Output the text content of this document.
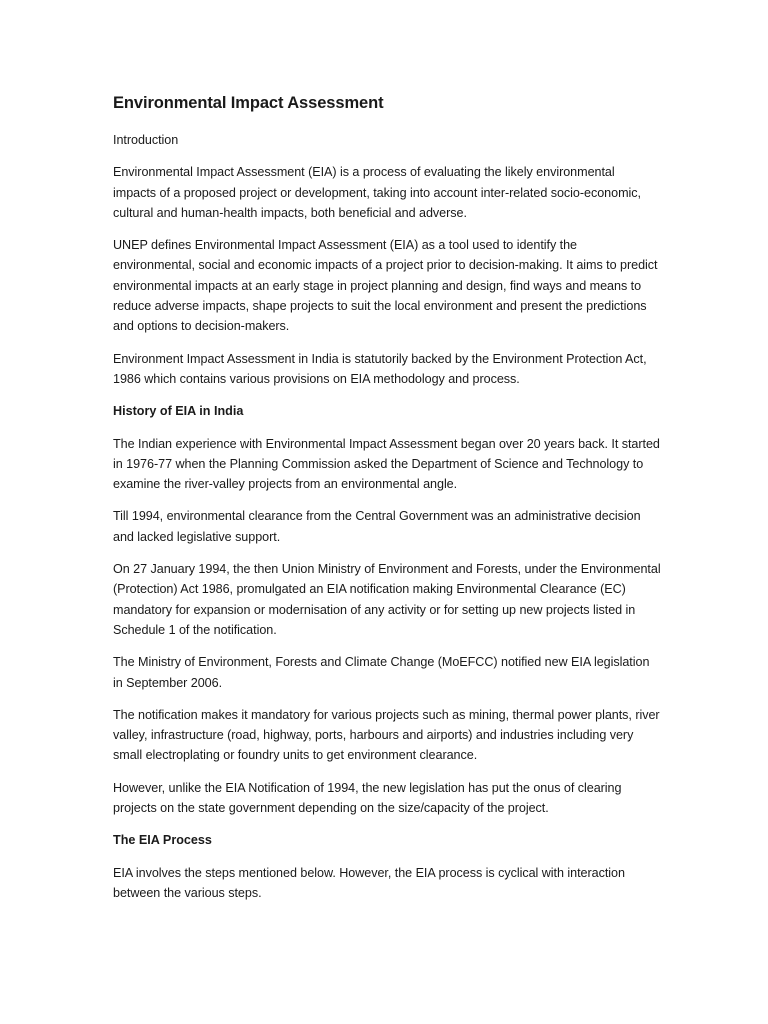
Environmental Impact Assessment

Introduction

Environmental Impact Assessment (EIA) is a process of evaluating the likely environmental impacts of a proposed project or development, taking into account inter-related socio-economic, cultural and human-health impacts, both beneficial and adverse.

UNEP defines Environmental Impact Assessment (EIA) as a tool used to identify the environmental, social and economic impacts of a project prior to decision-making. It aims to predict environmental impacts at an early stage in project planning and design, find ways and means to reduce adverse impacts, shape projects to suit the local environment and present the predictions and options to decision-makers.

Environment Impact Assessment in India is statutorily backed by the Environment Protection Act, 1986 which contains various provisions on EIA methodology and process.

History of EIA in India

The Indian experience with Environmental Impact Assessment began over 20 years back. It started in 1976-77 when the Planning Commission asked the Department of Science and Technology to examine the river-valley projects from an environmental angle.

Till 1994, environmental clearance from the Central Government was an administrative decision and lacked legislative support.

On 27 January 1994, the then Union Ministry of Environment and Forests, under the Environmental (Protection) Act 1986, promulgated an EIA notification making Environmental Clearance (EC) mandatory for expansion or modernisation of any activity or for setting up new projects listed in Schedule 1 of the notification.

The Ministry of Environment, Forests and Climate Change (MoEFCC) notified new EIA legislation in September 2006.

The notification makes it mandatory for various projects such as mining, thermal power plants, river valley, infrastructure (road, highway, ports, harbours and airports) and industries including very small electroplating or foundry units to get environment clearance.

However, unlike the EIA Notification of 1994, the new legislation has put the onus of clearing projects on the state government depending on the size/capacity of the project.

The EIA Process

EIA involves the steps mentioned below. However, the EIA process is cyclical with interaction between the various steps.
